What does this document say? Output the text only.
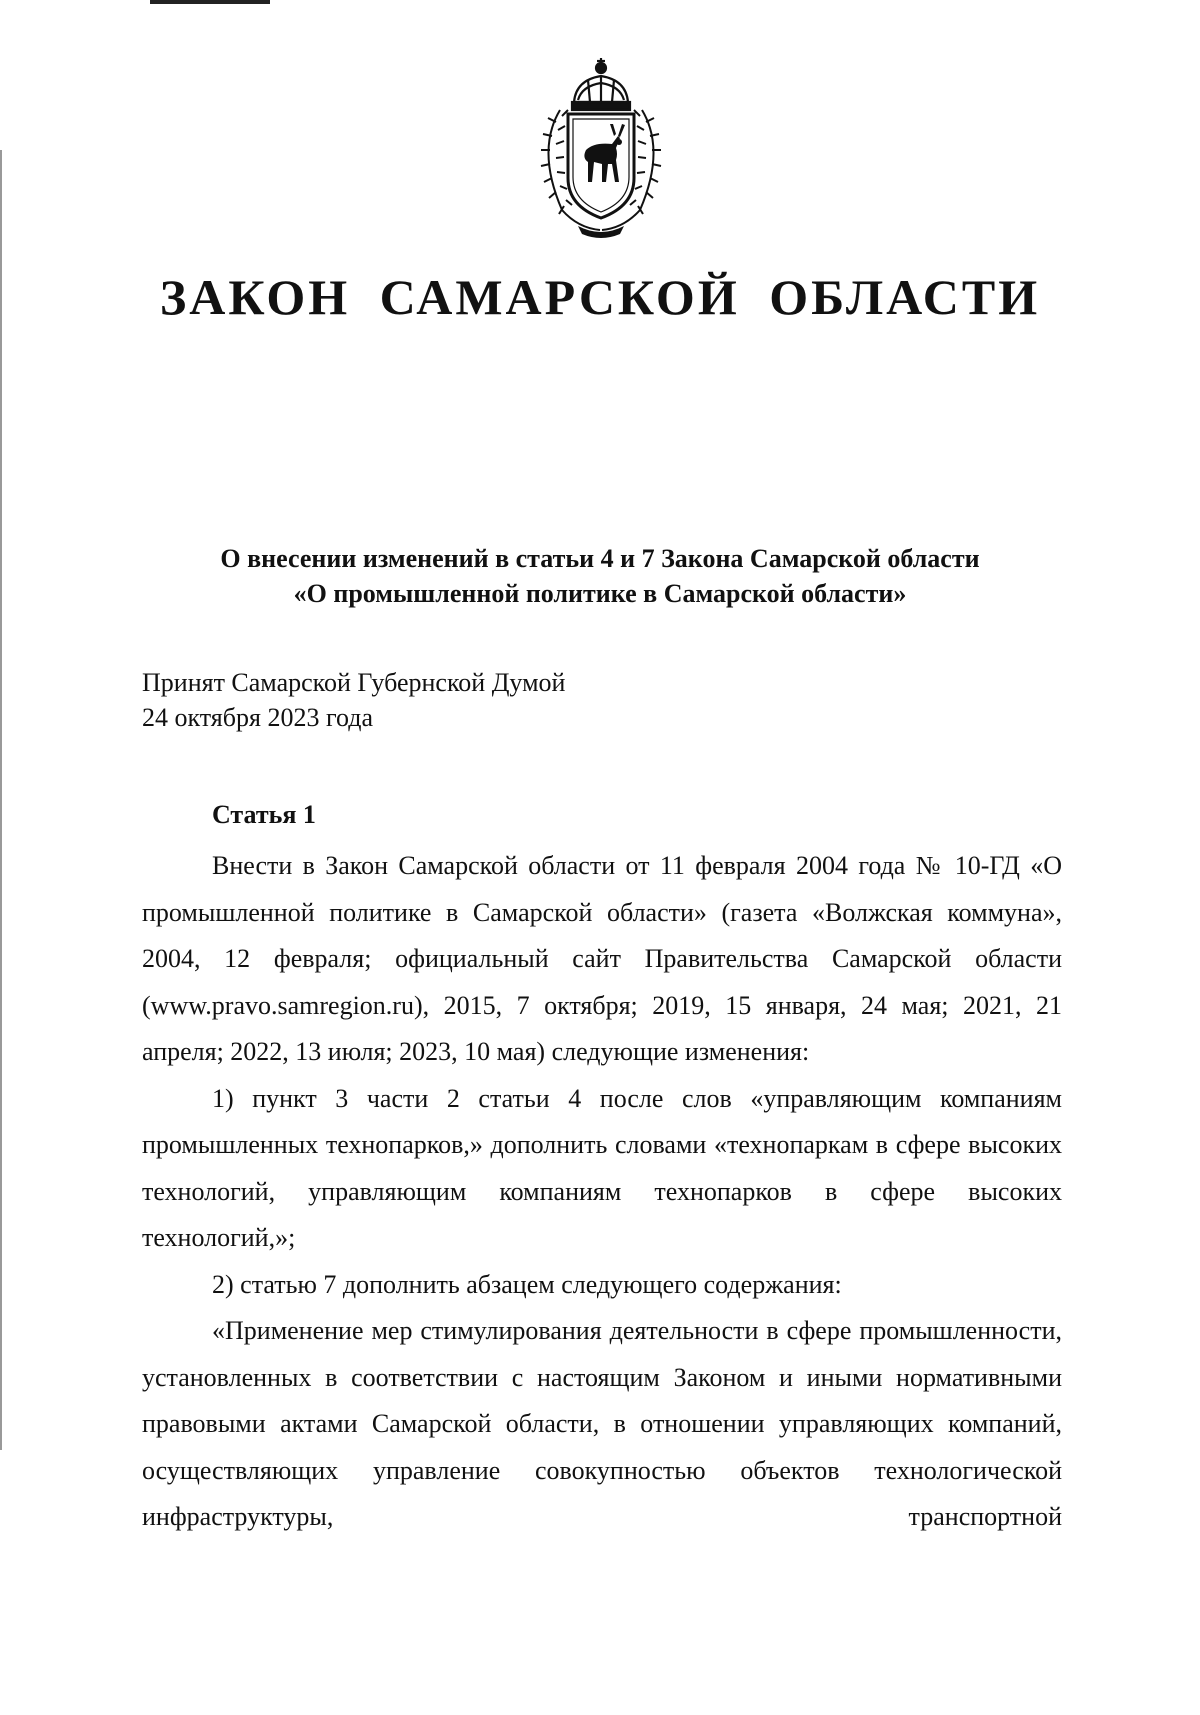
ЗАКОН САМАРСКОЙ ОБЛАСТИ
О внесении изменений в статьи 4 и 7 Закона Самарской области
«О промышленной политике в Самарской области»
Принят Самарской Губернской Думой
24 октября 2023 года
Статья 1

Внести в Закон Самарской области от 11 февраля 2004 года № 10-ГД «О промышленной политике в Самарской области» (газета «Волжская коммуна», 2004, 12 февраля; официальный сайт Правительства Самарской области (www.pravo.samregion.ru), 2015, 7 октября; 2019, 15 января, 24 мая; 2021, 21 апреля; 2022, 13 июля; 2023, 10 мая) следующие изменения:

1) пункт 3 части 2 статьи 4 после слов «управляющим компаниям промышленных технопарков,» дополнить словами «технопаркам в сфере высоких технологий, управляющим компаниям технопарков в сфере высоких технологий,»;

2) статью 7 дополнить абзацем следующего содержания:

«Применение мер стимулирования деятельности в сфере промышленности, установленных в соответствии с настоящим Законом и иными нормативными правовыми актами Самарской области, в отношении управляющих компаний, осуществляющих управление совокупностью объектов технологической инфраструктуры, транспортной
